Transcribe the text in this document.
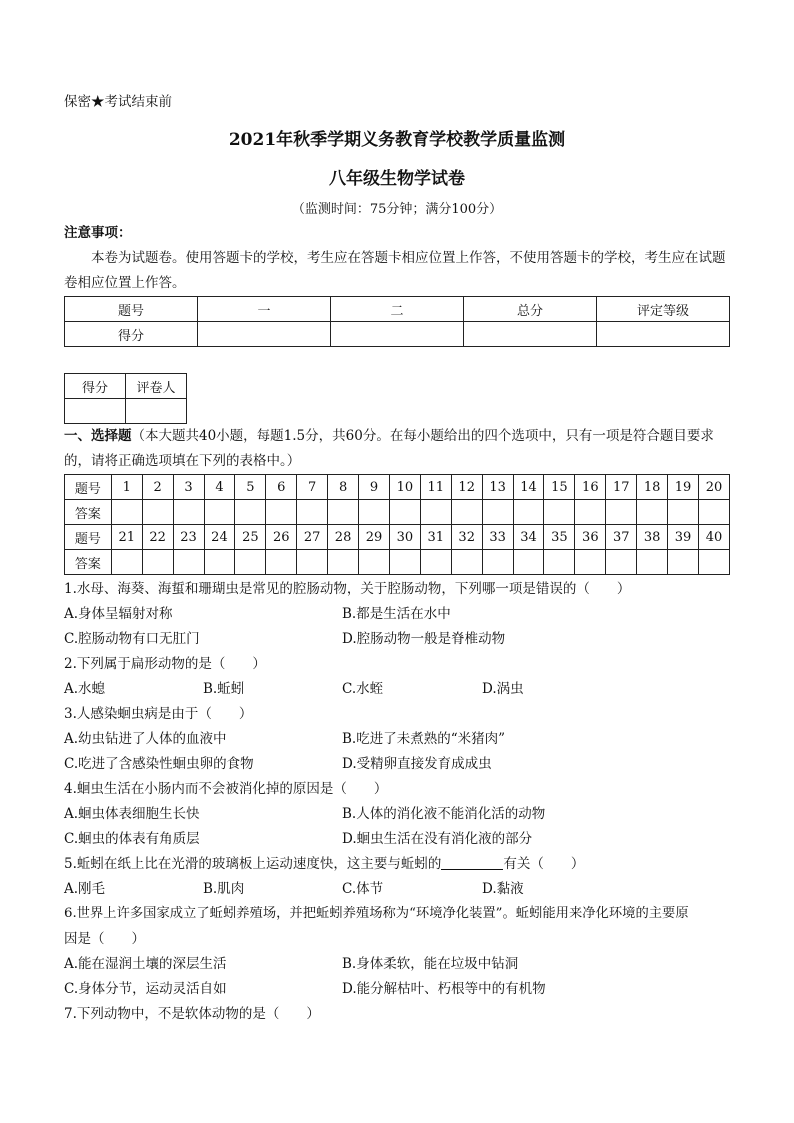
保密★考试结束前
2021年秋季学期义务教育学校教学质量监测
八年级生物学试卷
（监测时间：75分钟；满分100分）
注意事项：
本卷为试题卷。使用答题卡的学校，考生应在答题卡相应位置上作答，不使用答题卡的学校，考生应在试题卷相应位置上作答。
题号	一	二	总分	评定等级
得分				
得分	评卷人

一、选择题（本大题共40小题，每题1.5分，共60分。在每小题给出的四个选项中，只有一项是符合题目要求的，请将正确选项填在下列的表格中。）
题号	1	2	3	4	5	6	7	8	9	10	11	12	13	14	15	16	17	18	19	20
答案																				
题号	21	22	23	24	25	26	27	28	29	30	31	32	33	34	35	36	37	38	39	40
答案																				
1.水母、海葵、海蜇和珊瑚虫是常见的腔肠动物，关于腔肠动物，下列哪一项是错误的（　　）
A.身体呈辐射对称	B.都是生活在水中
C.腔肠动物有口无肛门	D.腔肠动物一般是脊椎动物
2.下列属于扁形动物的是（　　）
A.水螅	B.蚯蚓	C.水蛭	D.涡虫
3.人感染蛔虫病是由于（　　）
A.幼虫钻进了人体的血液中	B.吃进了未煮熟的“米猪肉”
C.吃进了含感染性蛔虫卵的食物	D.受精卵直接发育成成虫
4.蛔虫生活在小肠内而不会被消化掉的原因是（　　）
A.蛔虫体表细胞生长快	B.人体的消化液不能消化活的动物
C.蛔虫的体表有角质层	D.蛔虫生活在没有消化液的部分
5.蚯蚓在纸上比在光滑的玻璃板上运动速度快，这主要与蚯蚓的	有关（　　）
A.刚毛	B.肌肉	C.体节	D.黏液
6.世界上许多国家成立了蚯蚓养殖场，并把蚯蚓养殖场称为“环境净化装置”。蚯蚓能用来净化环境的主要原
因是（　　）
A.能在湿润土壤的深层生活	B.身体柔软，能在垃圾中钻洞
C.身体分节，运动灵活自如	D.能分解枯叶、朽根等中的有机物
7.下列动物中，不是软体动物的是（　　）
